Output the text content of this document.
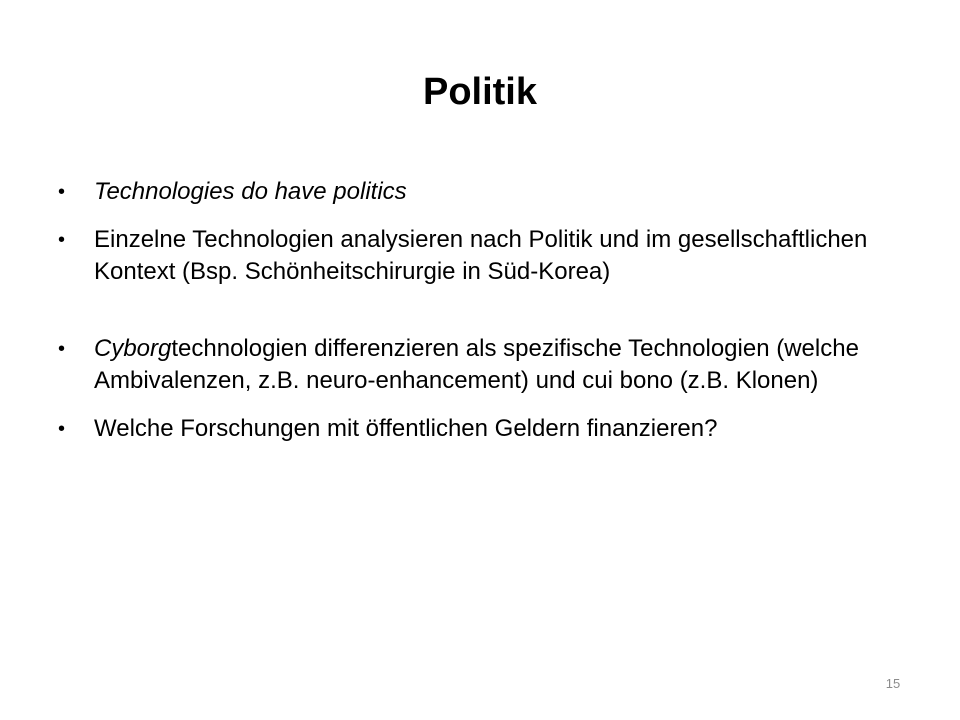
Politik
• Technologies do have politics
• Einzelne Technologien analysieren nach Politik und im gesellschaftlichen Kontext (Bsp. Schönheitschirurgie in Süd-Korea)
• Cyborgtechnologien differenzieren als spezifische Technologien (welche Ambivalenzen, z.B. neuro-enhancement) und cui bono (z.B. Klonen)
• Welche Forschungen mit öffentlichen Geldern finanzieren?
15
